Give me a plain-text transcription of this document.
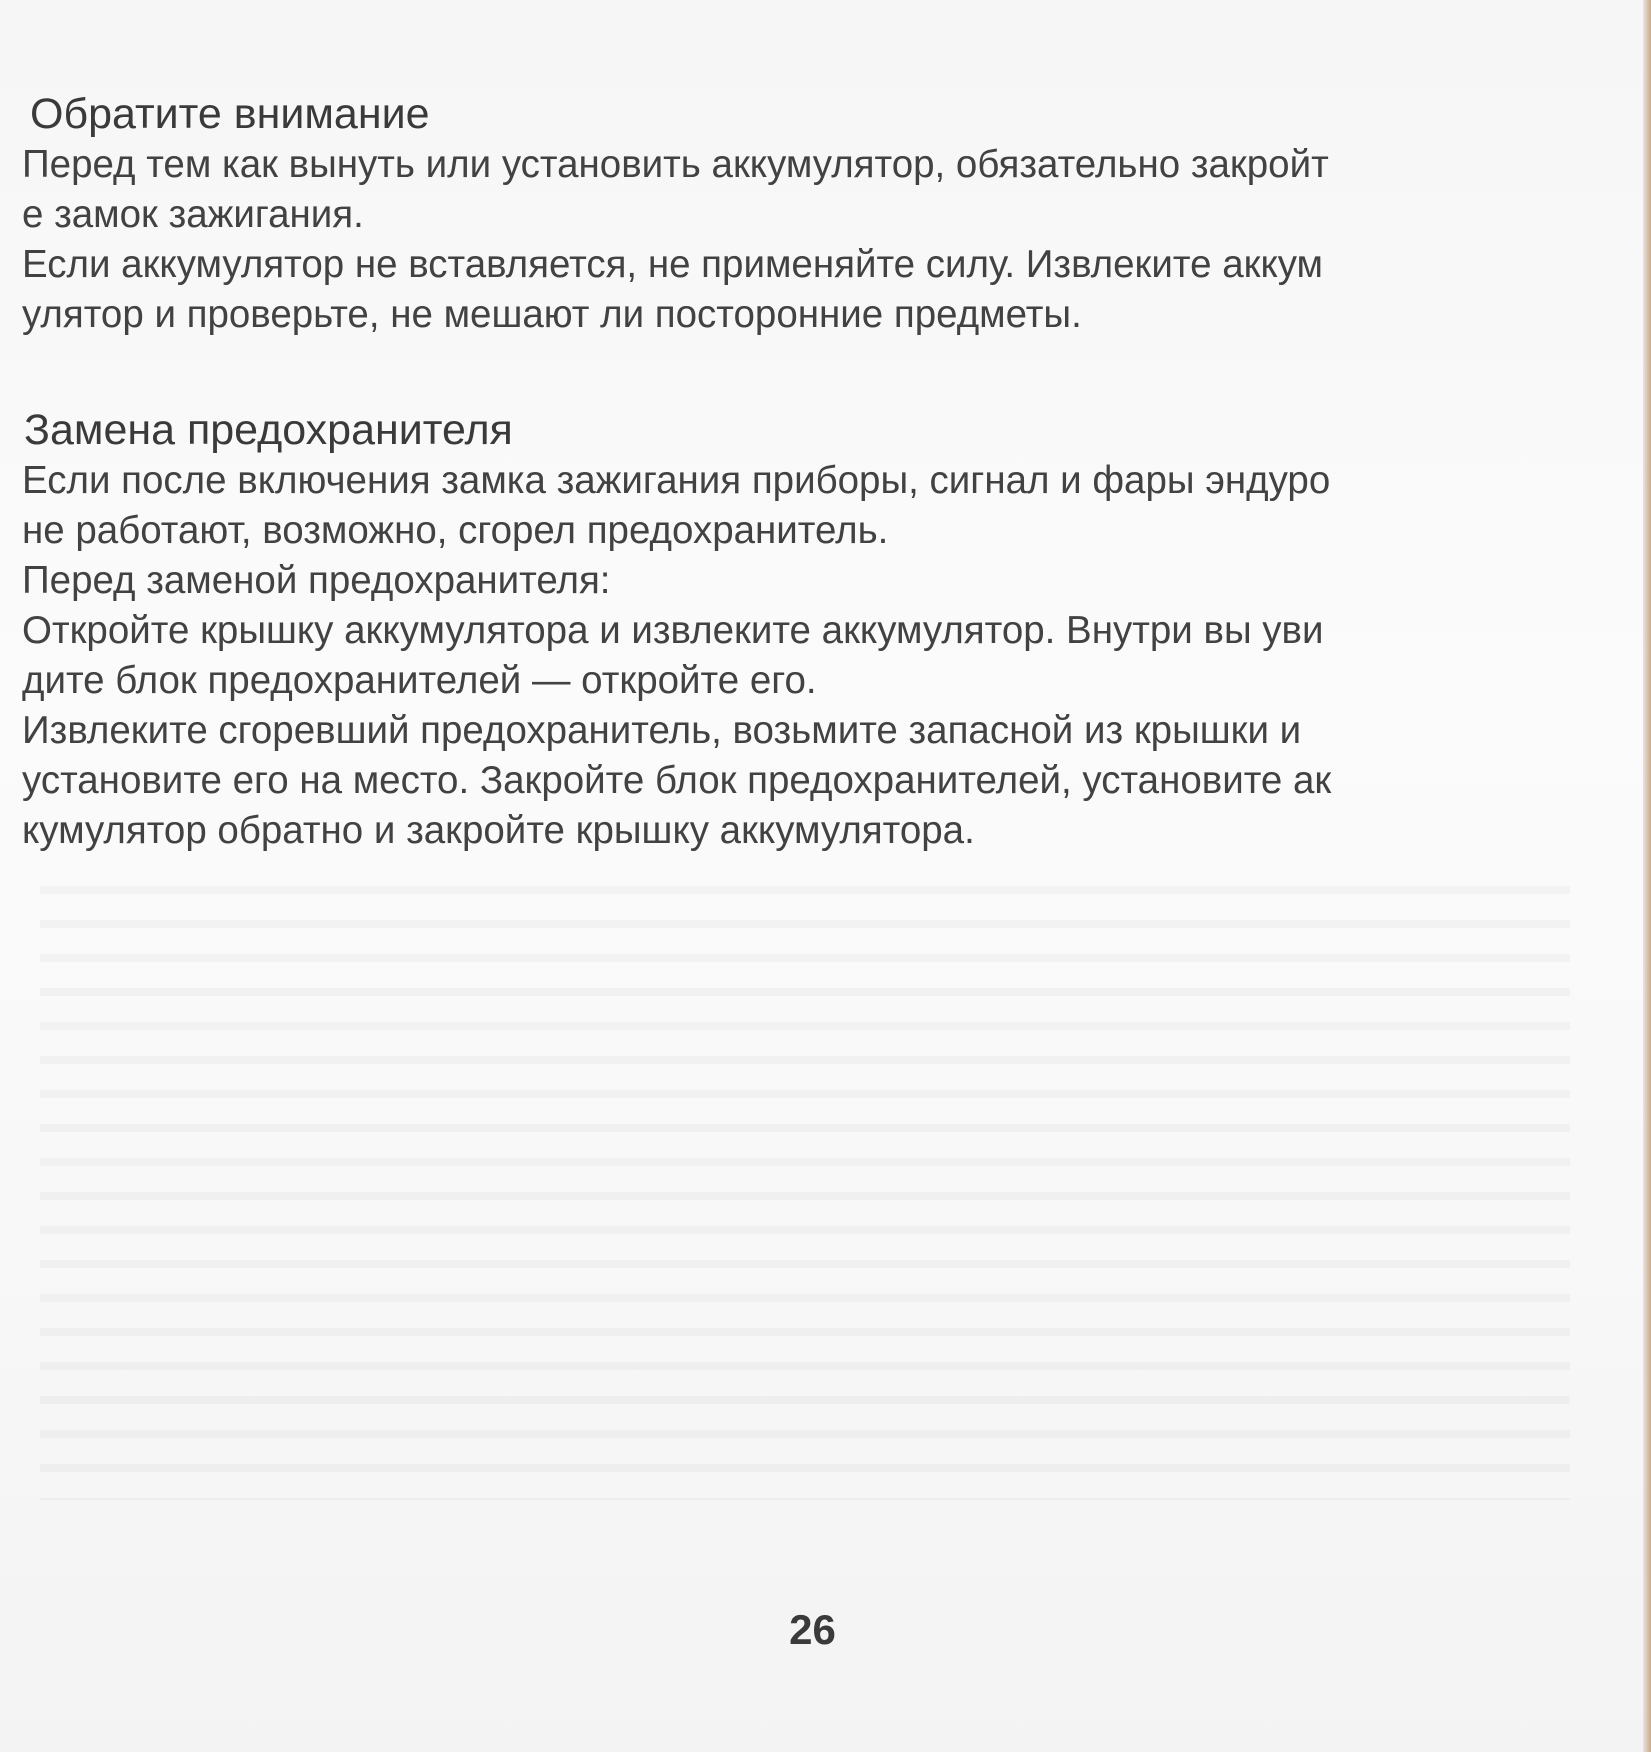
Обратите внимание

Перед тем как вынуть или установить аккумулятор, обязательно закройт

е замок зажигания.

Если аккумулятор не вставляется, не применяйте силу. Извлеките аккум

улятор и проверьте, не мешают ли посторонние предметы.

Замена предохранителя

Если после включения замка зажигания приборы, сигнал и фары эндуро

не работают, возможно, сгорел предохранитель.

Перед заменой предохранителя:

Откройте крышку аккумулятора и извлеките аккумулятор. Внутри вы уви

дите блок предохранителей — откройте его.

Извлеките сгоревший предохранитель, возьмите запасной из крышки и

установите его на место. Закройте блок предохранителей, установите ак

кумулятор обратно и закройте крышку аккумулятора.

26
